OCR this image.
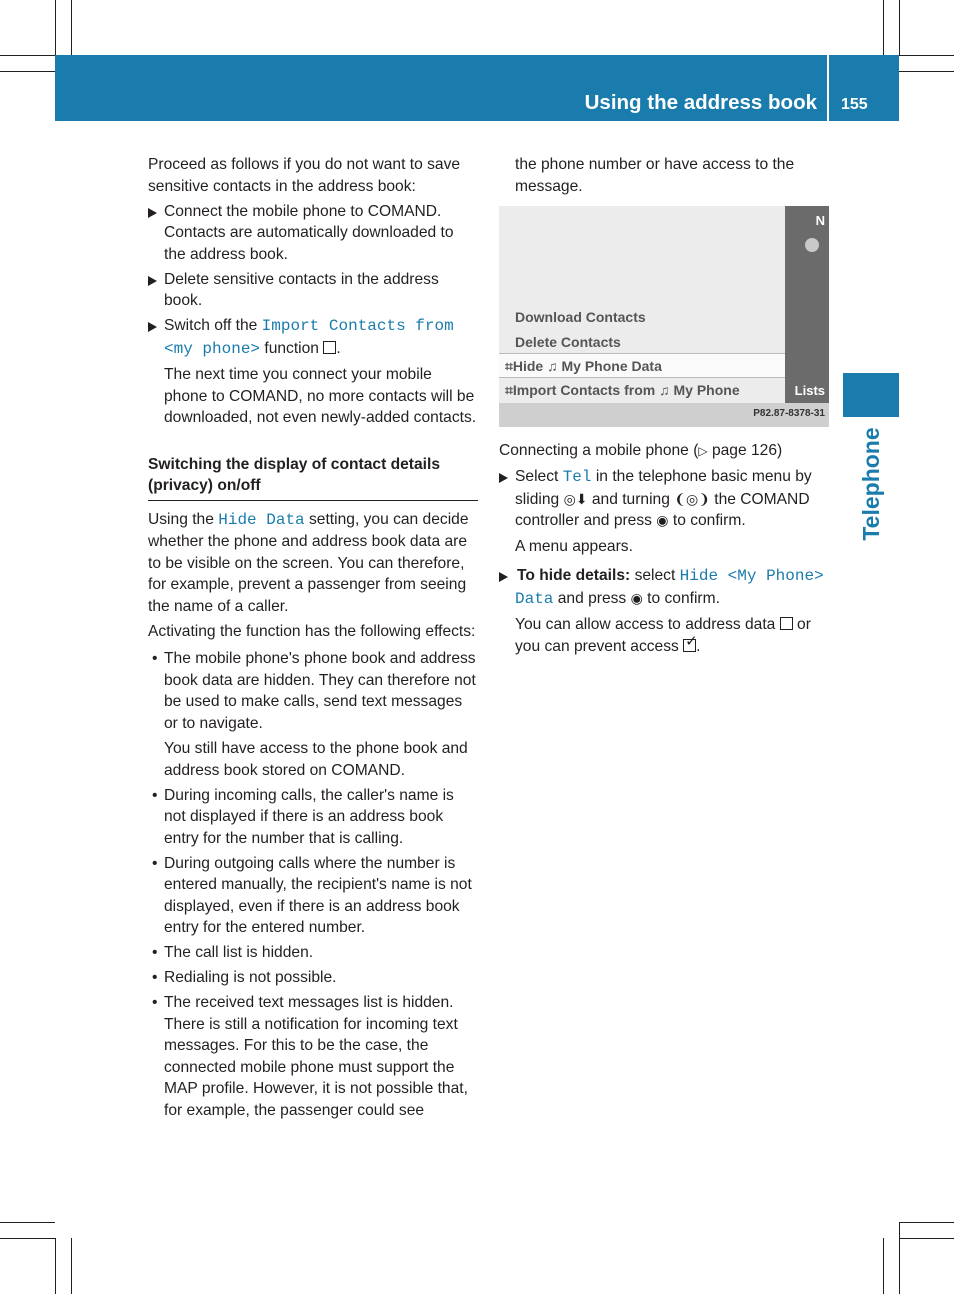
Using the address book 155
Telephone

Proceed as follows if you do not want to save sensitive contacts in the address book:

Connect the mobile phone to COMAND. Contacts are automatically downloaded to the address book.
Delete sensitive contacts in the address book.
Switch off the Import Contacts from <my phone> function .
The next time you connect your mobile phone to COMAND, no more contacts will be downloaded, not even newly-added contacts.
Switching the display of contact details (privacy) on/off

Using the Hide Data setting, you can decide whether the phone and address book data are to be visible on the screen. You can therefore, for example, prevent a passenger from seeing the name of a caller.

Activating the function has the following effects:

• The mobile phone's phone book and address book data are hidden. They can therefore not be used to make calls, send text messages or to navigate.
You still have access to the phone book and address book stored on COMAND.
• During incoming calls, the caller's name is not displayed if there is an address book entry for the number that is calling.
• During outgoing calls where the number is entered manually, the recipient's name is not displayed, even if there is an address book entry for the entered number.
• The call list is hidden.
• Redialing is not possible.
• The received text messages list is hidden. There is still a notification for incoming text messages. For this to be the case, the connected mobile phone must support the MAP profile. However, it is not possible that, for example, the passenger could see

the phone number or have access to the message.

N
Lists
Download Contacts
Delete Contacts
⌗Hide ♫ My Phone Data
⌗Import Contacts from ♫ My Phone
P82.87-8378-31

Connecting a mobile phone (▷ page 126)

Select Tel in the telephone basic menu by sliding ◎⬇ and turning ❨◎❩ the COMAND controller and press ◉ to confirm.
A menu appears.
To hide details: select Hide <My Phone> Data and press ◉ to confirm.
You can allow access to address data or you can prevent access ✓
.
